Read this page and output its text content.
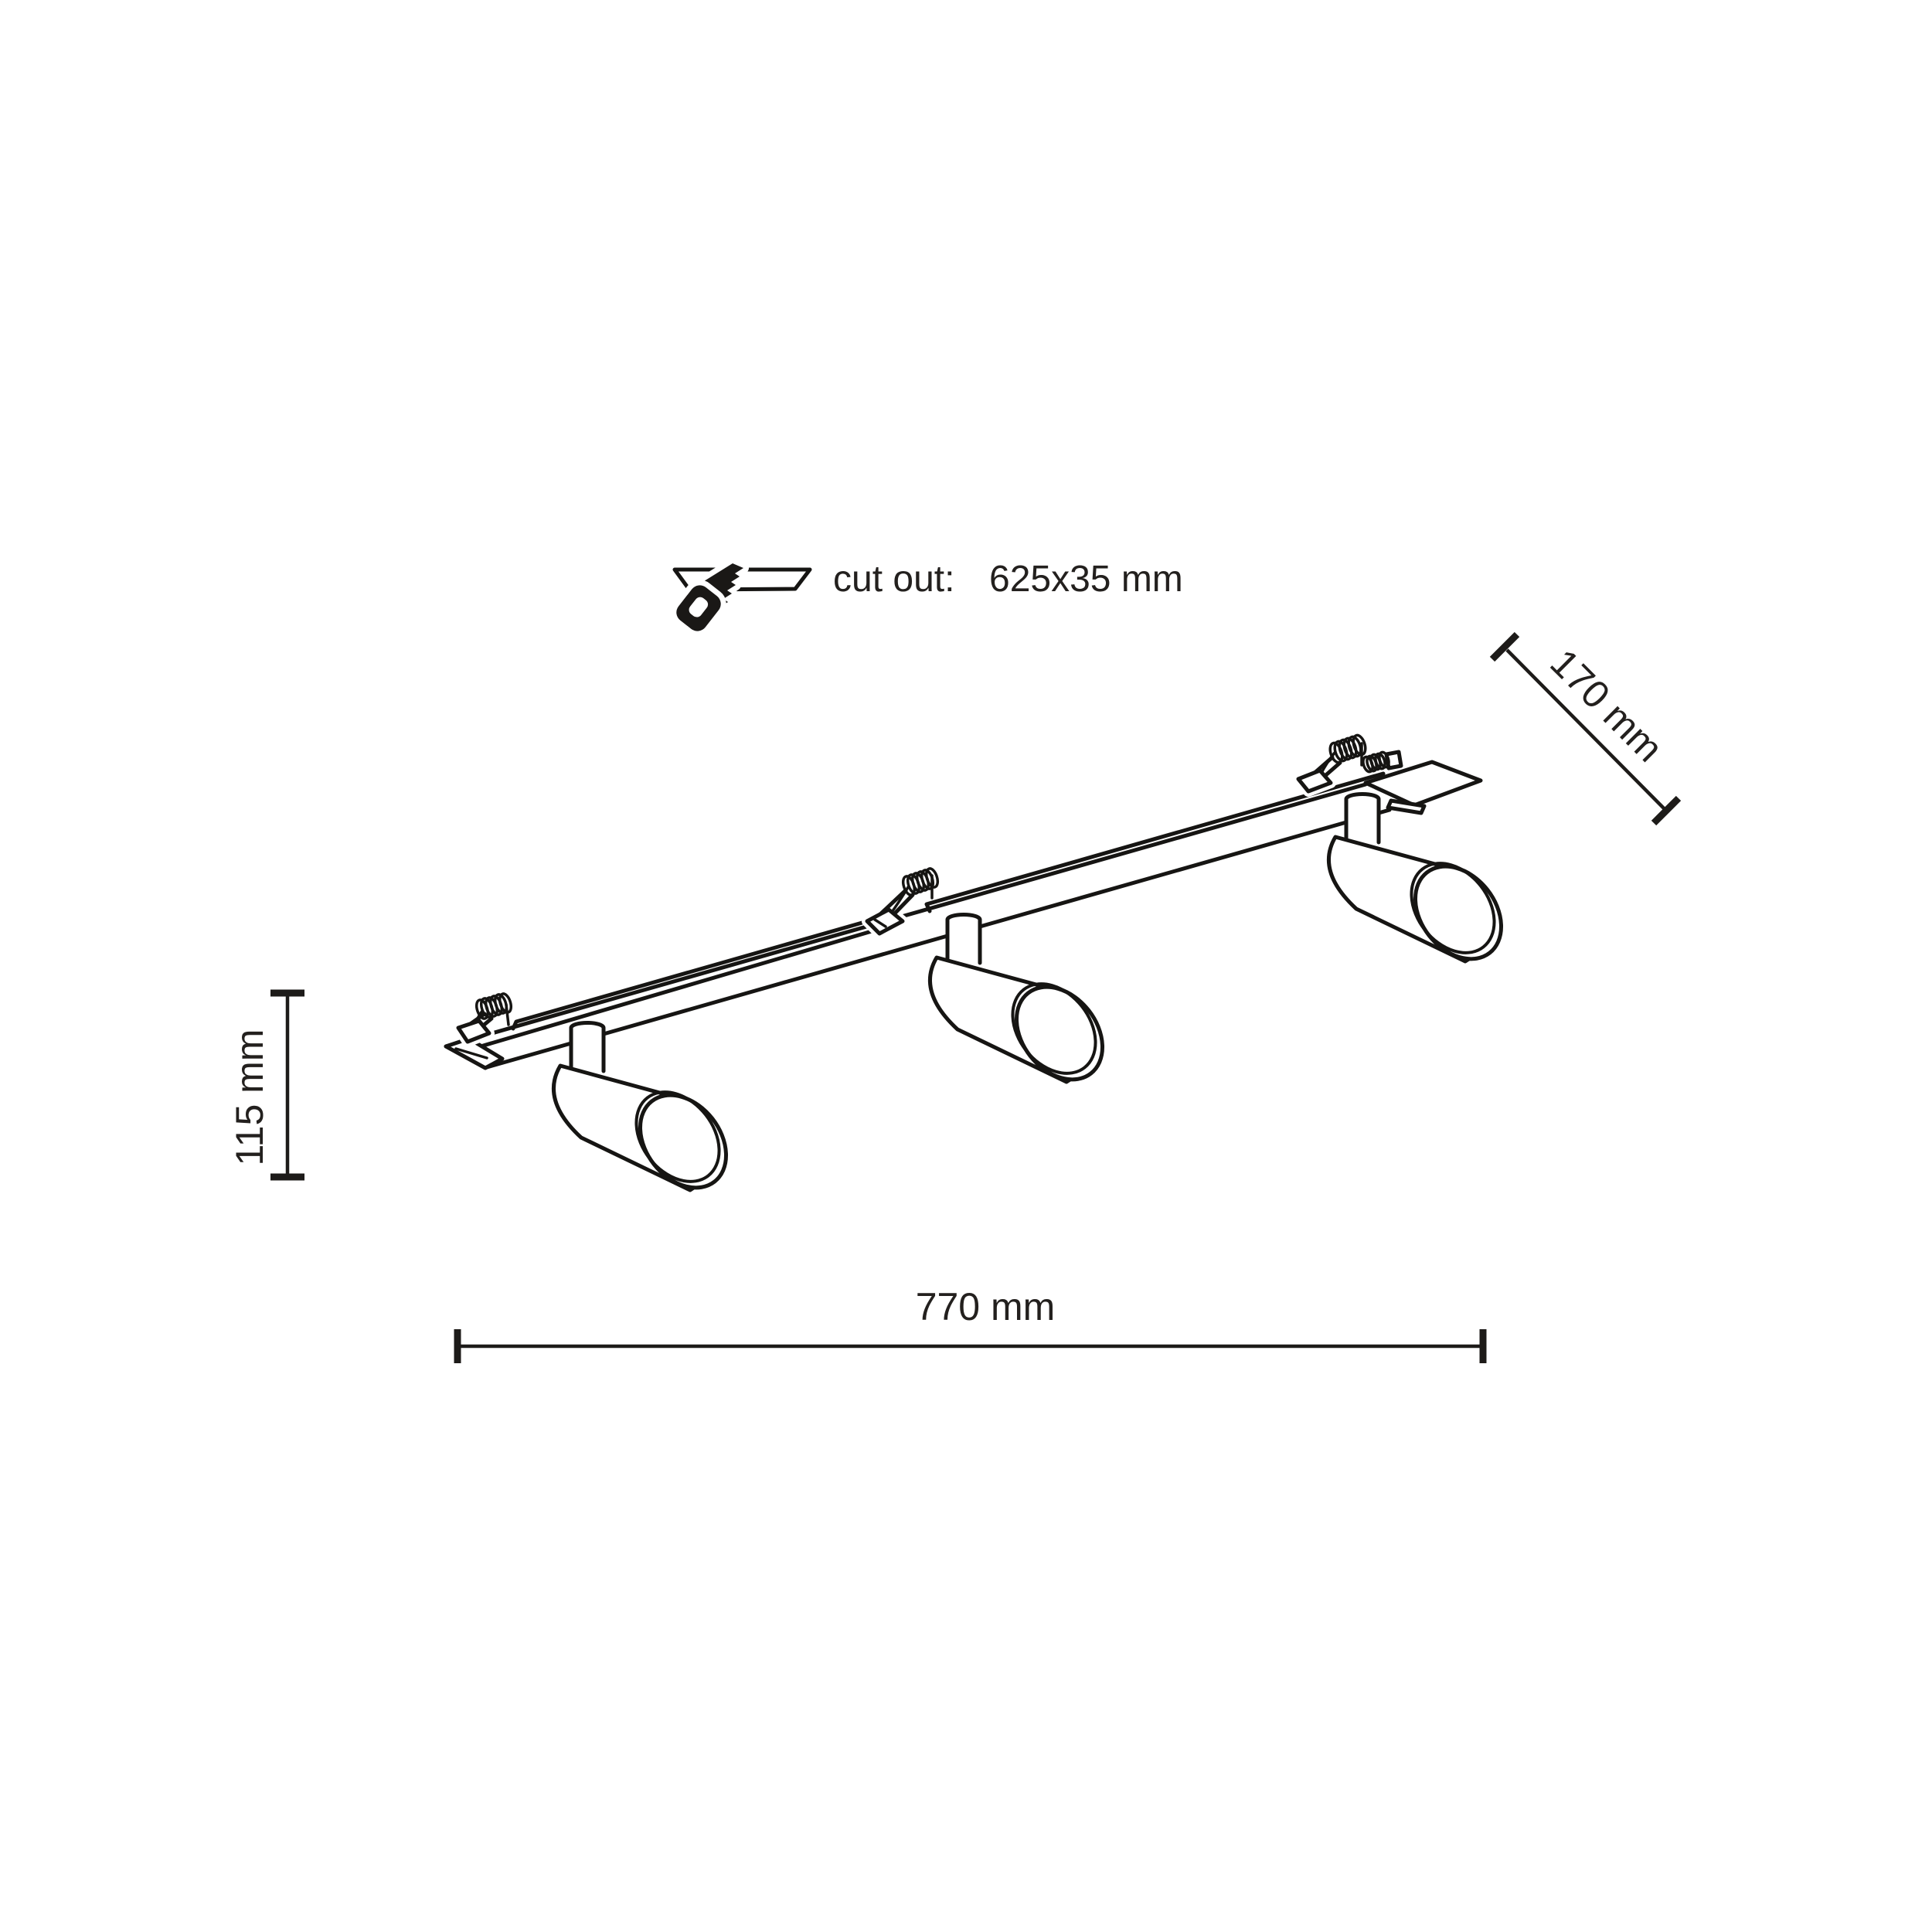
cut out: 625x35 mm
170 mm
115 mm
770 mm
